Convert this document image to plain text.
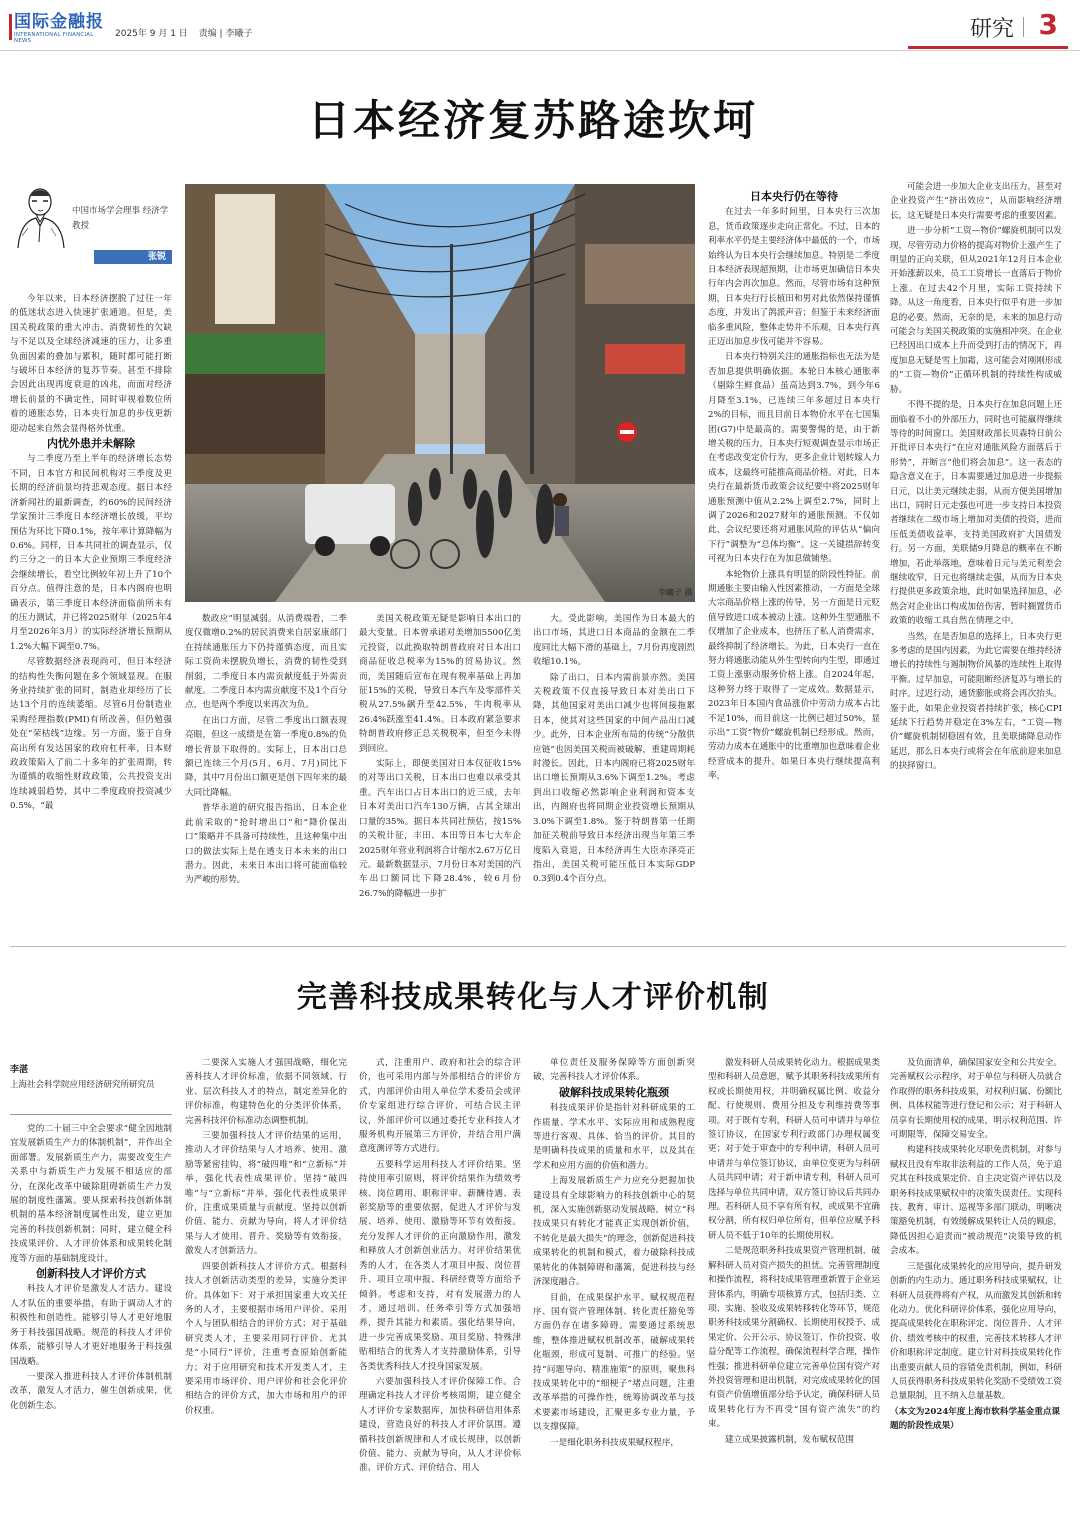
国际金融报
INTERNATIONAL FINANCIAL NEWS
2025年 9 月 1 日 责编 | 李曦子	研究 3
日本经济复苏路途坎坷
中国市场学会理事 经济学教授
张锐

今年以来，日本经济摆脱了过往一年的低迷状态进入快速扩张通道。但是，美国关税政策的重大冲击、消费韧性的欠缺与不足以及全球经济减速的压力，让多重负面因素的叠加与累积，随时都可能打断与破坏日本经济的复苏节奏。甚至不排除会因此出现再度衰退的凶兆，而面对经济增长前景的不确定性，同时审视着数位所着的通胀态势，日本央行加息的步伐更新迎动起来自然会显得格外忧重。

内忧外患并未解除

与二季度乃至上半年的经济增长态势不同，日本官方和民间机构对三季度及更长期的经济前景均持悲观态度。据日本经济新闻社的最新调查，约60%的民间经济学家预计三季度日本经济增长放缓，平均预估为环比下降0.1%，按年率计算降幅为0.6%。同样，日本共同社的调查显示，仅约三分之一的日本大企业预期三季度经济会继续增长，看空比例较年初上升了10个百分点。值得注意的是，日本内阁府也明确表示，第三季度日本经济面临前所未有的压力测试，并已将2025财年（2025年4月至2026年3月）的实际经济增长预期从1.2%大幅下调至0.7%。

尽管数据经济表现尚可，但日本经济的结构性失衡问题在多个领域显现。在服务业持续扩张的同时，制造业却经历了长达13个月的连续萎缩。尽管6月份制造业采购经理指数(PMI)有所改善，但仍勉强处在“荣枯线”边缘。另一方面，鉴于自身高出所有发达国家的政府杠杆率，日本财政政策陷入了前二十多年的扩张周期，转为谨慎的收缩性财政政策，公共投资支出连续减弱趋势，其中二季度政府投资减少0.5%，“最

李曦子 摄

数政应”明显减弱。从消费端看，二季度仅微增0.2%的居民消费来自居家康部门在持续通胀压力下仍持谨慎态度，而且实际工资尚未摆脱负增长，消费的韧性受到削弱，二季度日本内需贡献度低于外需贡献度。二季度日本内需贡献度不及1个百分点，也是两个季度以来再次为负。

在出口方面，尽管二季度出口额表现亮眼，但这一成绩是在第一季度0.8%的负增长背景下取得的。实际上，日本出口总额已连续三个月(5月、6月、7月)同比下降，其中7月份出口额更是创下四年来的最大同比降幅。

普华永道的研究报告指出，日本企业此前采取的“抢时增出口”和“降价保出口”策略并不具备可持续性，且这种集中出口的做法实际上是在透支日本未来的出口潜力。因此，未来日本出口将可能面临较为严峻的形势。

美国关税政策无疑是影响日本出口的最大变量。日本曾承诺对美增加5500亿美元投资，以此换取特朗普政府对日本出口商品征收总税率为15%的贸易协议。然而，美国随后宣布在现有税率基础上再加征15%的关税，导致日本汽车及零部件关税从27.5%飙升至42.5%，牛肉税率从26.4%跃涨至41.4%。日本政府紧急要求特朗普政府修正总关税税率，但至今未得到回应。

实际上，即便美国对日本仅征收15%的对等出口关税，日本出口也难以承受其重。汽车出口占日本出口的近三成，去年日本对美出口汽车130万辆，占其全球出口量的35%。据日本共同社预估，按15%的关税计征，丰田、本田等日本七大车企2025财年营业利润将合计缩水2.67万亿日元。最新数据显示，7月份日本对美国的汽车出口额同比下降28.4%，较6月份26.7%的降幅进一步扩

大。受此影响，美国作为日本最大的出口市场，其进口日本商品的金额在二季度同比大幅下滑的基础上，7月份再度剧烈收缩10.1%。

除了出口，日本内需前景亦然。美国关税政策不仅直接导致日本对美出口下降，其他国家对美出口减少也将间接拖累日本，使其对这些国家的中间产品出口减少。此外，日本企业所布局的传统“分散供应链”也因美国关税而被破解，重建周期耗时漫长。因此，日本内阁府已将2025财年出口增长预期从3.6%下调至1.2%。考虑到出口收缩必然影响企业利润和资本支出，内阁府也将同期企业投资增长预期从3.0%下调至1.8%。鉴于特朗普第一任期加征关税前导致日本经济出现当年第三季度陷入衰退，日本经济再生大臣赤泽亮正指出，美国关税可能压低日本实际GDP 0.3到0.4个百分点。

日本央行仍在等待

在过去一年多时间里，日本央行三次加息，货币政策逐步走向正常化。不过，日本的利率水平仍是主要经济体中最低的一个，市场始终认为日本央行会继续加息。特别是二季度日本经济表现超预期，让市场更加确信日本央行年内会再次加息。然而，尽管市场有这种预期，日本央行行长植田和男对此依然保持谨慎态度，并发出了鸽派声音；但鉴于未来经济面临多重风险，整体走势并不乐观，日本央行真正迈出加息步伐可能并不容易。

日本央行特别关注的通胀指标也无法为是否加息提供明确依据。本轮日本核心通胀率（剔除生鲜食品）虽高达到3.7%，到今年6月降至3.1%，已连续三年多超过日本央行2%的目标，而且目前日本物价水平在七国集团(G7)中是最高的。需要警惕的是，由于新增关税的压力，日本央行短观调查显示市场正在考虑改变定价行为，更多企业计划转嫁人力成本，这最终可能推高商品价格。对此，日本央行在最新货币政策会议纪要中将2025财年通胀预测中值从2.2%上调至2.7%，同时上调了2026和2027财年的通胀预测。不仅如此，会议纪要还将对通胀风险的评估从“偏向下行”调整为“总体均衡”。这一关键措辞转变可视为日本央行在为加息做铺垫。

本轮物价上涨具有明显的阶段性特征。前期通胀主要由输入性因素推动，一方面是全球大宗商品价格上涨的传导，另一方面是日元贬值导致进口成本被动上涨。这种外生型通胀不仅增加了企业成本，也挤压了私人消费需求，最终抑制了经济增长。为此，日本央行一直在努力将通胀动能从外生型转向内生型，即通过工资上涨驱动服务价格上涨。自2024年起，这种努力终于取得了一定成效。数据显示，2023年日本国内食品涨价中劳动力成本占比不足10%，而目前这一比例已超过50%，显示出“工资“物价”螺旋机制已经形成。然而，劳动力成本在通胀中的比重增加也意味着企业经营成本的提升。如果日本央行继续提高利率，

可能会进一步加大企业支出压力，甚至对企业投资产生“挤出效应”，从而影响经济增长，这无疑是日本央行需要考虑的重要因素。

进一步分析“工资—物价”螺旋机制可以发现，尽管劳动力价格的提高对物价上涨产生了明显的正向关联，但从2021年12月日本企业开始涨薪以来，员工工资增长一直落后于物价上涨。在过去42个月里，实际工资持续下降。从这一角度看，日本央行似乎有进一步加息的必要。然而，无奈的是，未来的加息行动可能会与美国关税政策的实施相冲突。在企业已经因出口成本上升而受到打击的情况下，再度加息无疑是雪上加霜，这可能会对刚刚形成的“工资—物价”正循环机制的持续性构成威胁。

不得不提的是，日本央行在加息问题上还面临着不小的外部压力，同时也可能羸得继续等待的时间窗口。美国财政部长贝森特日前公开批评日本央行“在应对通胀风险方面落后于形势”，并断言“他们将会加息”。这一表态的隐含意义在于，日本需要通过加息进一步提振日元，以让美元继续走弱，从而方便美国增加出口，同时日元走强也可进一步支持日本投资者继续在二级市场上增加对美债的投资，进而压低美债收益率，支持美国政府扩大国债发行。另一方面，美联储9月降息的概率在不断增加，若此举落地，意味着日元与美元利差会继续收窄，日元也将继续走强，从而为日本央行提供更多政策余地，此时如果选择加息，必然会对企业出口构成加倍伤害，暂时搁置货币政策的收缩工具自然在情理之中。

当然，在是否加息的选择上，日本央行更多考虑的是国内因素，为此它需要在维持经济增长的持续性与遏制物价风暴的连续性上取得平衡。过早加息，可能阻断经济复苏与增长的时序。过迟行动，通货膨胀或将会再次抬头。鉴于此，如果企业投资者持续扩张，核心CPI延续下行趋势并稳定在3%左右，“工资—物价”螺旋机制韧稳固有效，且美联储降息动作延迟，那么日本央行或将会在年底前迎来加息的抉择窗口。

完善科技成果转化与人才评价机制
李湛
上海社会科学院应用经济研究所研究员

党的二十届三中全会要求“健全因地制宜发展新质生产力的体制机制”，并作出全面部署。发展新质生产力，需要改变生产关系中与新质生产力发展不相适应的部分，在深化改革中破除阻碍新质生产力发展的制度性藩篱。要从探索科技创新体制机制的基本经济制度属性出发，建立更加完善的科技创新机制；同时，建立健全科技成果评价、人才评价体系和成果转化制度等方面的基础制度设计。

创新科技人才评价方式

科技人才评价是激发人才活力、建设人才队伍的重要举措，有助于调动人才的积极性和创造性。能够引导人才更好地服务于科技强国战略。规范的科技人才评价体系，能够引导人才更好地服务于科技强国战略。

一要深入推进科技人才评价体制机制改革，激发人才活力，催生创新成果，优化创新生态。

二要深入实施人才强国战略，细化完善科技人才评价标准，依据不同领域、行业、层次科技人才的特点，制定差异化的评价标准，构建特色化的分类评价体系，完善科技评价标准动态调整机制。

三要加强科技人才评价结果的运用，推动人才评价结果与人才培养、使用、激励等紧密挂钩，将“破四唯”和“立新标”并举，强化代表性成果评价。坚持“破四唯”与“立新标”并举，强化代表性成果评价，注重成果质量与贡献度。坚持以创新价值、能力、贡献为导向，将人才评价结果与人才使用、晋升、奖励等有效衔接，激发人才创新活力。

四要创新科技人才评价方式。根据科技人才创新活动类型的差异，实施分类评价。具体如下：对于承担国家重大攻关任务的人才，主要根据市场用户评价、采用个人与团队相结合的评价方式；对于基础研究类人才，主要采用同行评价、尤其是“小同行”评价，注重考查原始创新能力；对于应用研究和技术开发类人才，主要采用市场评价、用户评价和社会化评价相结合的评价方式，加大市场和用户的评价权重。

式，注重用户、政府和社会的综合评价，也可采用内部与外部相结合的评价方式，内部评价由用人单位学术委员会或评价专家组进行综合评价，可结合民主评议，外部评价可以通过委托专业科技人才服务机构开展第三方评价，并结合用户满意度测评等方式进行。

五要科学运用科技人才评价结果。坚持使用率引原则，将评价结果作为绩效考核、岗位聘用、职称评审、薪酬待遇、表彰奖励等的重要依据，促进人才评价与发展、培养、使用、激励等环节有效衔接。充分发挥人才评价的正向激励作用，激发和释放人才创新创业活力。对评价结果优秀的人才，在各类人才项目申报、岗位晋升、项目立项申报、科研经费等方面给予倾斜。考虑和支持，对有发展潜力的人才，通过培训、任务牵引等方式加强培养，提升其能力和素质。强化结果导向，进一步完善成果奖励、项目奖励、特殊津贴相结合的优秀人才支持激励体系，引导各类优秀科技人才投身国家发展。

六要加强科技人才评价保障工作。合理确定科技人才评价考核周期，建立健全人才评价专家数据库，加快科研信用体系建设，营造良好的科技人才评价氛围。遵循科技创新规律和人才成长规律，以创新价值、能力、贡献为导向，从人才评价标准、评价方式、评价结合、用人

单位责任及服务保障等方面创新突破，完善科技人才评价体系。

破解科技成果转化瓶颈

科技成果评价是指针对科研成果的工作质量、学术水平、实际应用和成熟程度等进行客观、具体、恰当的评价。其目的是明确科技成果的质量和水平，以及其在学术和应用方面的价值和潜力。

上海发展新质生产力应充分把握加快建设具有全球影响力的科技创新中心的契机，深入实施创新驱动发展战略，树立“科技成果只有转化才能真正实现创新价值，不转化是最大损失”的理念，创新促进科技成果转化的机制和模式，着力破除科技成果转化的体制障碍和藩篱，促进科技与经济深度融合。

目前，在成果保护水平、赋权规范程序、国有资产管理体制、转化责任豁免等方面仍存在诸多障碍。需要通过系统思维，整体推进赋权机制改革，破解成果转化瓶颈，形成可复制、可推广的经验。坚持“问题导向、精准施策”的原则，聚焦科技成果转化中的“细梗子”堵点问题，注重改革举措的可操作性，统筹协调改革与技术要素市场建设，汇聚更多专业力量，予以支撑保障。

一是细化职务科技成果赋权程序，

激发科研人员成果转化动力。根据成果类型和科研人员意愿，赋予其职务科技成果所有权或长期使用权，并明确权属比例、收益分配、行使规则、费用分担及专利维持费等事项。对于既有专利，科研人员可申请并与单位签订协议，在国家专利行政部门办理权属变更；对于处于审查中的专利申请，科研人员可申请并与单位签订协议，由单位变更为与科研人员共同申请；对于新申请专利，科研人员可选择与单位共同申请，双方签订协议后共同办理。若科研人员不享有所有权，或成果不宜确权分割，所有权归单位所有，但单位应赋予科研人员不低于10年的长期使用权。

二是规范职务科技成果资产管理机制，破解科研人员对资产损失的担忧。完善管理制度和操作流程，将科技成果管理重新置于企业运营体系内，明确专项核算方式，包括归类、立项、实施、验收及成果转移转化等环节，规范职务科技成果分割确权、长期使用权授予、成果定价、公开公示、协议签订、作价投资、收益分配等工作流程，确保流程科学合理，操作性强；推进科研单位建立完善单位国有资产对外投资管理和退出机制，对完成成果转化的国有资产价值增值部分给予认定，确保科研人员成果转化行为不再受“国有资产流失”的约束。

建立成果披露机制，发布赋权范围

及负面清单，确保国家安全和公共安全。完善赋权公示程序，对于单位与科研人员就合作取得的职务科技成果，对权利归属、份额比例、具体权能等进行登记和公示；对于科研人员享有长期使用权的成果，明示权利范围、许可期限等，保障交易安全。

构建科技成果转化尽职免责机制，对参与赋权且没有牟取非法利益的工作人员，免于追究其在科技成果定价、自主决定资产评估以及职务科技成果赋权中的决策失误责任。实现科技、教育、审计、巡视等多部门联动，明晰决策豁免机制，有效缓解成果转让人员的顾虑，降低因担心追责而“被动规范”决策导致的机会成本。

三是强化成果转化的应用导向，提升研发创新的内生动力。通过职务科技成果赋权，让科研人员获得将有产权，从而激发其创新和转化动力。优化科研评价体系，强化应用导向，提高成果转化在职称评定、岗位晋升、人才评价、绩效考核中的权重，完善技术转移人才评价和职称评定制度。建立针对科技成果转化作出重要贡献人员的容错免责机制，例如，科研人员获得职务科技成果转化奖励不受绩效工资总量限制，且不纳入总量基数。

（本文为2024年度上海市软科学基金重点课题的阶段性成果）
